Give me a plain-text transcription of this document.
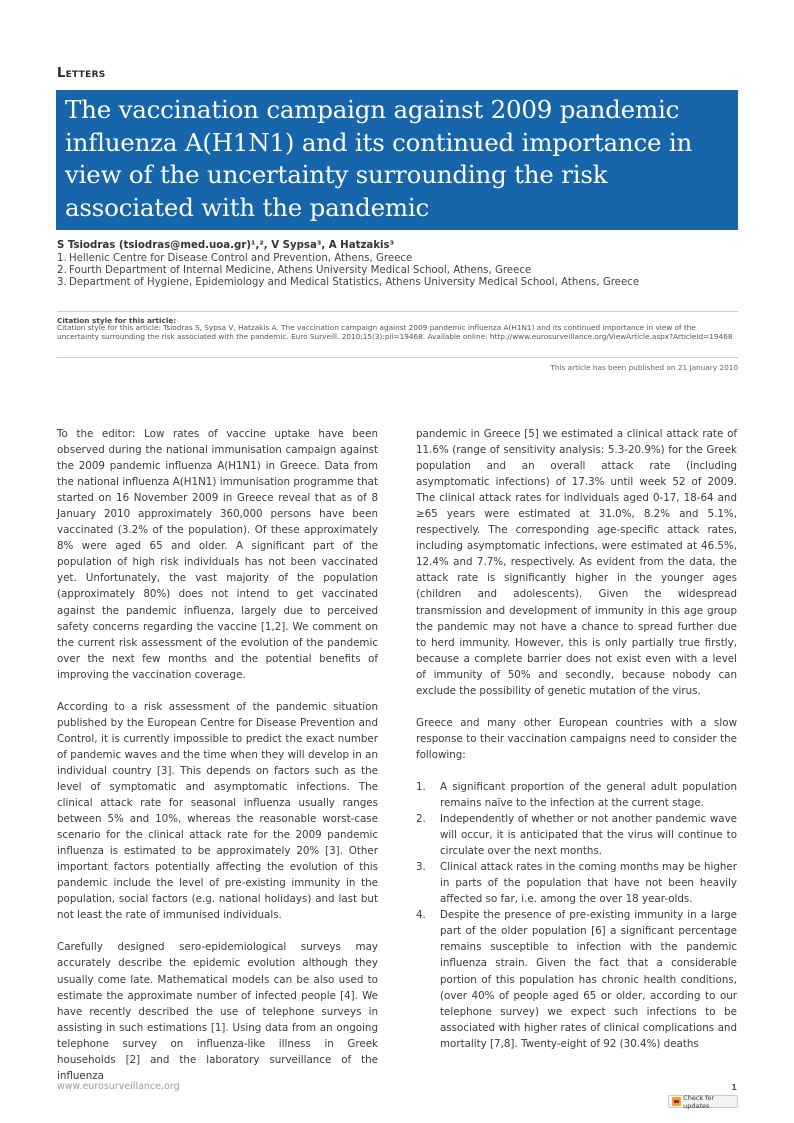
Letters
The vaccination campaign against 2009 pandemic influenza A(H1N1) and its continued importance in view of the uncertainty surrounding the risk associated with the pandemic
S Tsiodras (tsiodras@med.uoa.gr)¹,², V Sypsa³, A Hatzakis³
1. Hellenic Centre for Disease Control and Prevention, Athens, Greece
2. Fourth Department of Internal Medicine, Athens University Medical School, Athens, Greece
3. Department of Hygiene, Epidemiology and Medical Statistics, Athens University Medical School, Athens, Greece
Citation style for this article:
Citation style for this article: Tsiodras S, Sypsa V, Hatzakis A. The vaccination campaign against 2009 pandemic influenza A(H1N1) and its continued importance in view of the uncertainty surrounding the risk associated with the pandemic. Euro Surveill. 2010;15(3):pii=19468. Available online: http://www.eurosurveillance.org/ViewArticle.aspx?ArticleId=19468
This article has been published on 21 January 2010

To the editor: Low rates of vaccine uptake have been observed during the national immunisation campaign against the 2009 pandemic influenza A(H1N1) in Greece. Data from the national influenza A(H1N1) immunisation programme that started on 16 November 2009 in Greece reveal that as of 8 January 2010 approximately 360,000 persons have been vaccinated (3.2% of the population). Of these approximately 8% were aged 65 and older. A significant part of the population of high risk individuals has not been vaccinated yet. Unfortunately, the vast majority of the population (approximately 80%) does not intend to get vaccinated against the pandemic influenza, largely due to perceived safety concerns regarding the vaccine [1,2]. We comment on the current risk assessment of the evolution of the pandemic over the next few months and the potential benefits of improving the vaccination coverage.

According to a risk assessment of the pandemic situation published by the European Centre for Disease Prevention and Control, it is currently impossible to predict the exact number of pandemic waves and the time when they will develop in an individual country [3]. This depends on factors such as the level of symptomatic and asymptomatic infections. The clinical attack rate for seasonal influenza usually ranges between 5% and 10%, whereas the reasonable worst-case scenario for the clinical attack rate for the 2009 pandemic influenza is estimated to be approximately 20% [3]. Other important factors potentially affecting the evolution of this pandemic include the level of pre-existing immunity in the population, social factors (e.g. national holidays) and last but not least the rate of immunised individuals.

Carefully designed sero-epidemiological surveys may accurately describe the epidemic evolution although they usually come late. Mathematical models can be also used to estimate the approximate number of infected people [4]. We have recently described the use of telephone surveys in assisting in such estimations [1]. Using data from an ongoing telephone survey on influenza-like illness in Greek households [2] and the laboratory surveillance of the influenza

pandemic in Greece [5] we estimated a clinical attack rate of 11.6% (range of sensitivity analysis: 5.3-20.9%) for the Greek population and an overall attack rate (including asymptomatic infections) of 17.3% until week 52 of 2009. The clinical attack rates for individuals aged 0-17, 18-64 and ≥65 years were estimated at 31.0%, 8.2% and 5.1%, respectively. The corresponding age-specific attack rates, including asymptomatic infections, were estimated at 46.5%, 12.4% and 7.7%, respectively. As evident from the data, the attack rate is significantly higher in the younger ages (children and adolescents). Given the widespread transmission and development of immunity in this age group the pandemic may not have a chance to spread further due to herd immunity. However, this is only partially true firstly, because a complete barrier does not exist even with a level of immunity of 50% and secondly, because nobody can exclude the possibility of genetic mutation of the virus.

Greece and many other European countries with a slow response to their vaccination campaigns need to consider the following:

1. A significant proportion of the general adult population remains naïve to the infection at the current stage.
2. Independently of whether or not another pandemic wave will occur, it is anticipated that the virus will continue to circulate over the next months.
3. Clinical attack rates in the coming months may be higher in parts of the population that have not been heavily affected so far, i.e. among the over 18 year-olds.
4. Despite the presence of pre-existing immunity in a large part of the older population [6] a significant percentage remains susceptible to infection with the pandemic influenza strain. Given the fact that a considerable portion of this population has chronic health conditions, (over 40% of people aged 65 or older, according to our telephone survey) we expect such infections to be associated with higher rates of clinical complications and mortality [7,8]. Twenty-eight of 92 (30.4%) deaths
www.eurosurveillance.org	1
Check for updates
